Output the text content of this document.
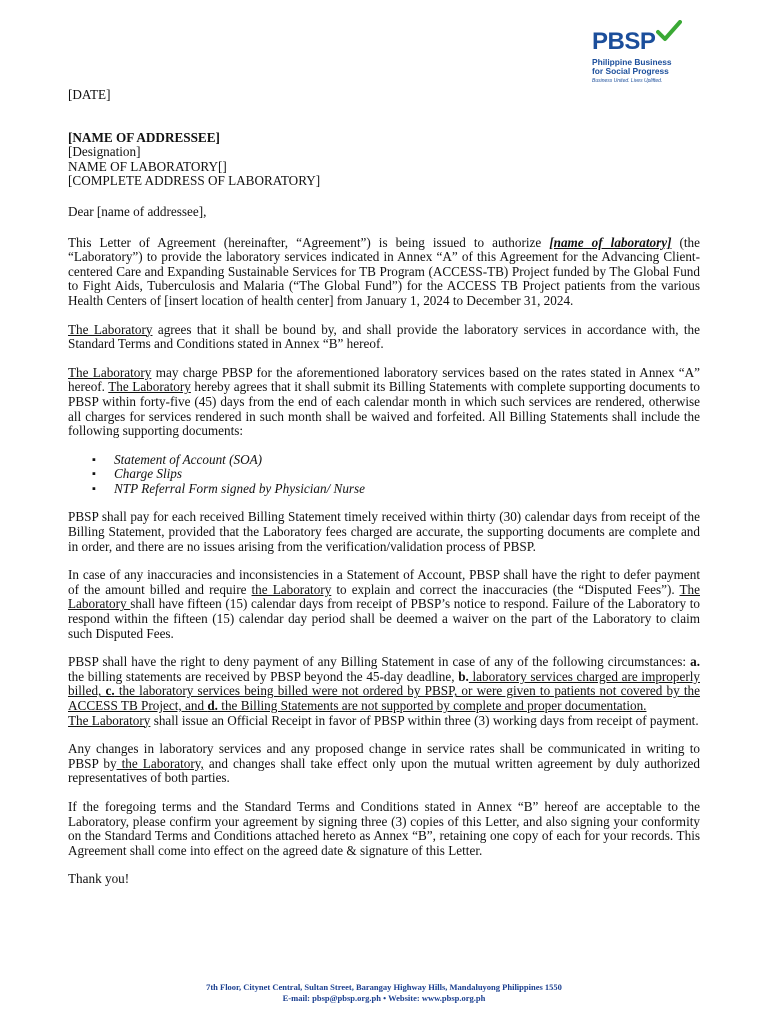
PBSP
Philippine Business
for Social Progress
Business United. Lives Uplifted.
[DATE]
[NAME OF ADDRESSEE]
[Designation]
NAME OF LABORATORY[]
[COMPLETE ADDRESS OF LABORATORY]
Dear [name of addressee],

This Letter of Agreement (hereinafter, “Agreement”) is being issued to authorize [name of laboratory] (the “Laboratory”) to provide the laboratory services indicated in Annex “A” of this Agreement for the Advancing Client-centered Care and Expanding Sustainable Services for TB Program (ACCESS-TB) Project funded by The Global Fund to Fight Aids, Tuberculosis and Malaria (“The Global Fund”) for the ACCESS TB Project patients from the various Health Centers of [insert location of health center] from January 1, 2024 to December 31, 2024.

The Laboratory agrees that it shall be bound by, and shall provide the laboratory services in accordance with, the Standard Terms and Conditions stated in Annex “B” hereof.

The Laboratory may charge PBSP for the aforementioned laboratory services based on the rates stated in Annex “A” hereof. The Laboratory hereby agrees that it shall submit its Billing Statements with complete supporting documents to PBSP within forty-five (45) days from the end of each calendar month in which such services are rendered, otherwise all charges for services rendered in such month shall be waived and forfeited. All Billing Statements shall include the following supporting documents:

▪ Statement of Account (SOA)
▪ Charge Slips
▪ NTP Referral Form signed by Physician/ Nurse

PBSP shall pay for each received Billing Statement timely received within thirty (30) calendar days from receipt of the Billing Statement, provided that the Laboratory fees charged are accurate, the supporting documents are complete and in order, and there are no issues arising from the verification/validation process of PBSP.

In case of any inaccuracies and inconsistencies in a Statement of Account, PBSP shall have the right to defer payment of the amount billed and require the Laboratory to explain and correct the inaccuracies (the “Disputed Fees”). The Laboratory shall have fifteen (15) calendar days from receipt of PBSP’s notice to respond. Failure of the Laboratory to respond within the fifteen (15) calendar day period shall be deemed a waiver on the part of the Laboratory to claim such Disputed Fees.

PBSP shall have the right to deny payment of any Billing Statement in case of any of the following circumstances: a. the billing statements are received by PBSP beyond the 45-day deadline, b. laboratory services charged are improperly billed, c. the laboratory services being billed were not ordered by PBSP, or were given to patients not covered by the ACCESS TB Project, and d. the Billing Statements are not supported by complete and proper documentation.

The Laboratory shall issue an Official Receipt in favor of PBSP within three (3) working days from receipt of payment.

Any changes in laboratory services and any proposed change in service rates shall be communicated in writing to PBSP by the Laboratory, and changes shall take effect only upon the mutual written agreement by duly authorized representatives of both parties.

If the foregoing terms and the Standard Terms and Conditions stated in Annex “B” hereof are acceptable to the Laboratory, please confirm your agreement by signing three (3) copies of this Letter, and also signing your conformity on the Standard Terms and Conditions attached hereto as Annex “B”, retaining one copy of each for your records. This Agreement shall come into effect on the agreed date & signature of this Letter.

Thank you!
7th Floor, Citynet Central, Sultan Street, Barangay Highway Hills, Mandaluyong Philippines 1550
E-mail: pbsp@pbsp.org.ph • Website: www.pbsp.org.ph
